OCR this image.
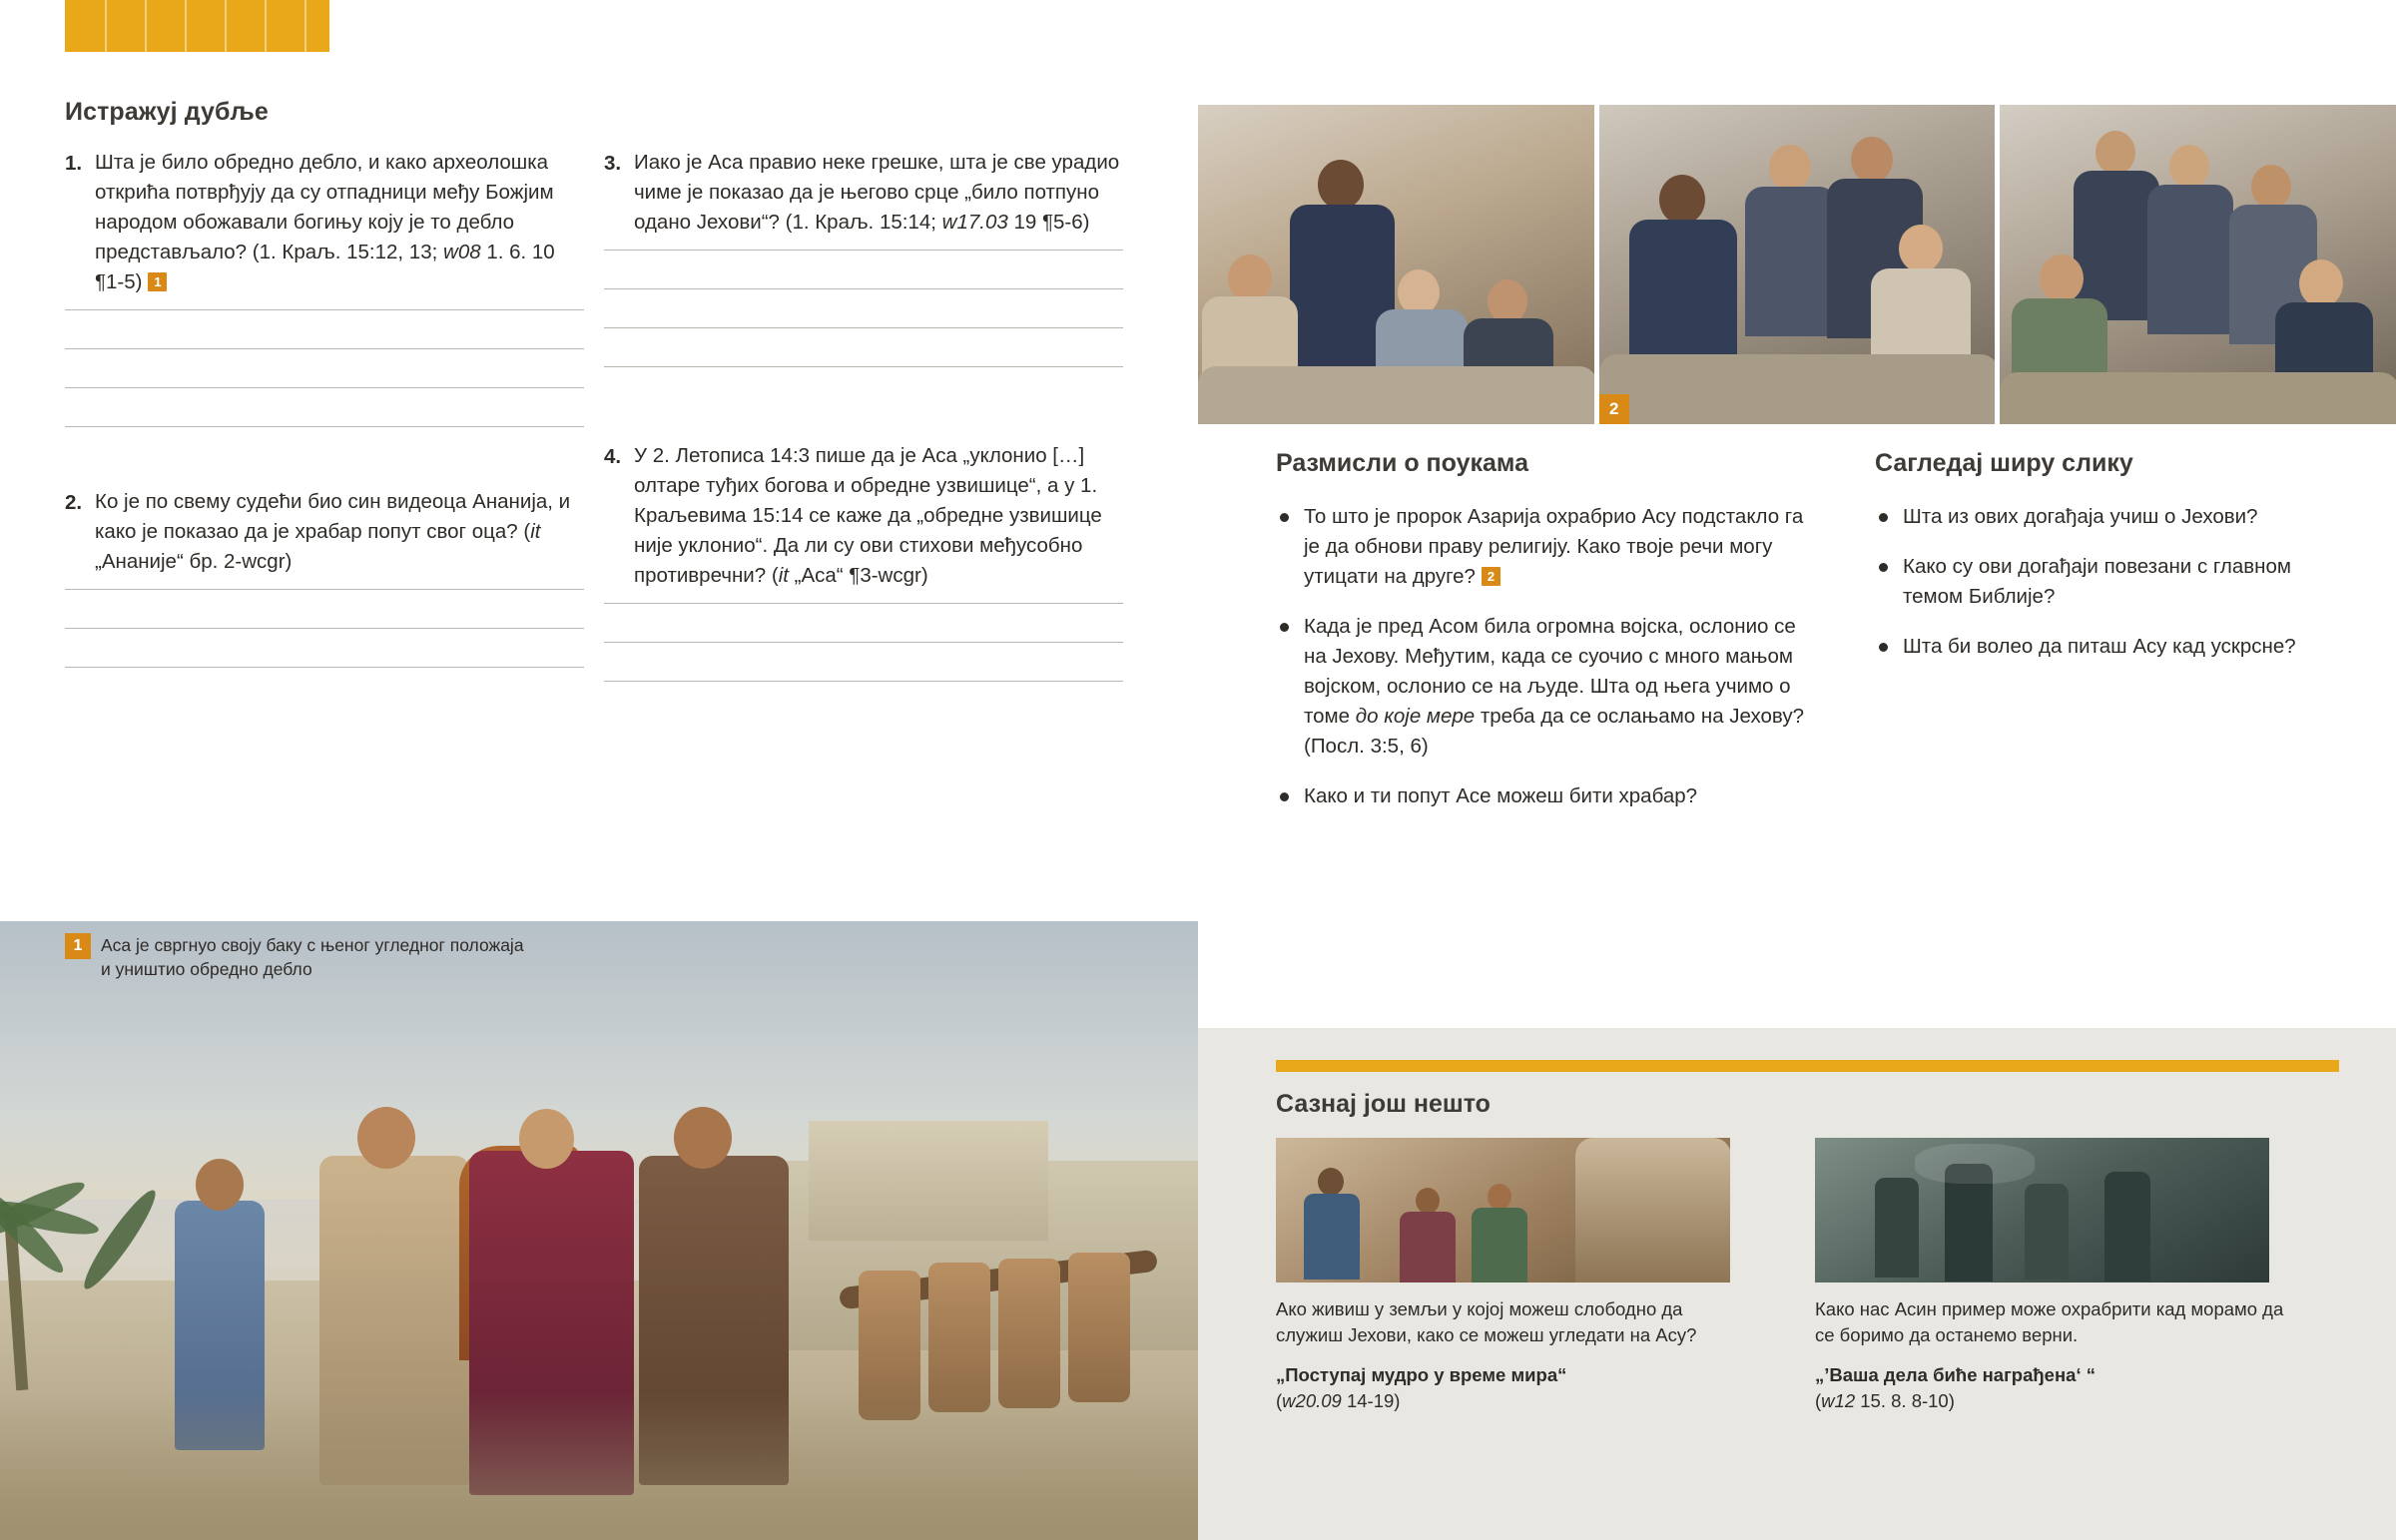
Истражуј дубље
1. Шта је било обредно дебло, и како археолошка открића потврђују да су отпадници међу Божјим народом обожавали богињу коју је то дебло представљало? (1. Краљ. 15:12, 13; w08 1. 6. 10 ¶1-5) 1
2. Ко је по свему судећи био син видеоца Ананија, и како је показао да је храбар попут свог оца? (it „Ананије“ бр. 2-wcgr)
3. Иако је Аса правио неке грешке, шта је све урадио чиме је показао да је његово срце „било потпуно одано Јехови“? (1. Краљ. 15:14; w17.03 19 ¶5-6)
4. У 2. Летописа 14:3 пише да је Аса „уклонио […] олтаре туђих богова и обредне узвишице“, а у 1. Краљевима 15:14 се каже да „обредне узвишице није уклонио“. Да ли су ови стихови међусобно противречни? (it „Аса“ ¶3-wcgr)
1	Аса је свргнуо своју баку с њеног угледног положаја и уништио обредно дебло
2
Размисли о поукама
То што је пророк Азарија охрабрио Асу подстакло га је да обнови праву религију. Како твоје речи могу утицати на друге? 2
Када је пред Асом била огромна војска, ослонио се на Јехову. Међутим, када се суочио с много мањом војском, ослонио се на људе. Шта од њега учимо о томе до које мере треба да се ослањамо на Јехову? (Посл. 3:5, 6)
Како и ти попут Асе можеш бити храбар?
Сагледај ширу слику
Шта из ових догађаја учиш о Јехови?
Како су ови догађаји повезани с главном темом Библије?
Шта би волео да питаш Асу кад ускрсне?
Сазнај још нешто
Ако живиш у земљи у којој можеш слободно да служиш Јехови, како се можеш угледати на Асу?
„Поступај мудро у време мира“
(w20.09 14-19)
Како нас Асин пример може охрабрити кад морамо да се боримо да останемо верни.
„’Ваша дела биће награђена‘ “
(w12 15. 8. 8-10)
